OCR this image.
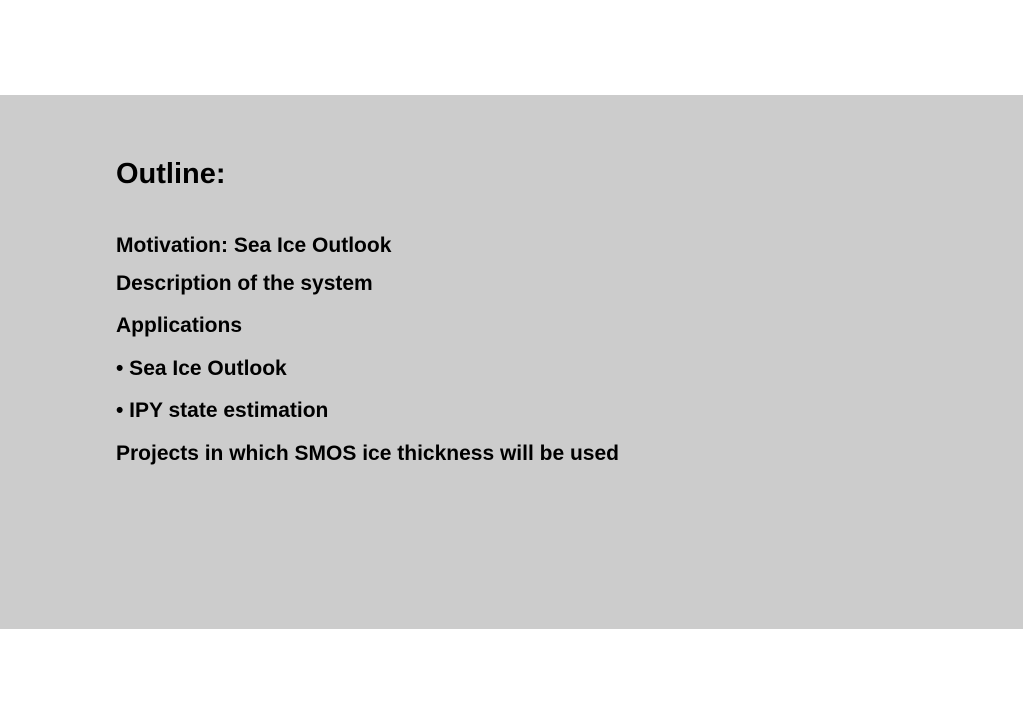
Outline:

Motivation: Sea Ice Outlook

Description of the system

Applications

• Sea Ice Outlook

• IPY state estimation

Projects in which SMOS ice thickness will be used
